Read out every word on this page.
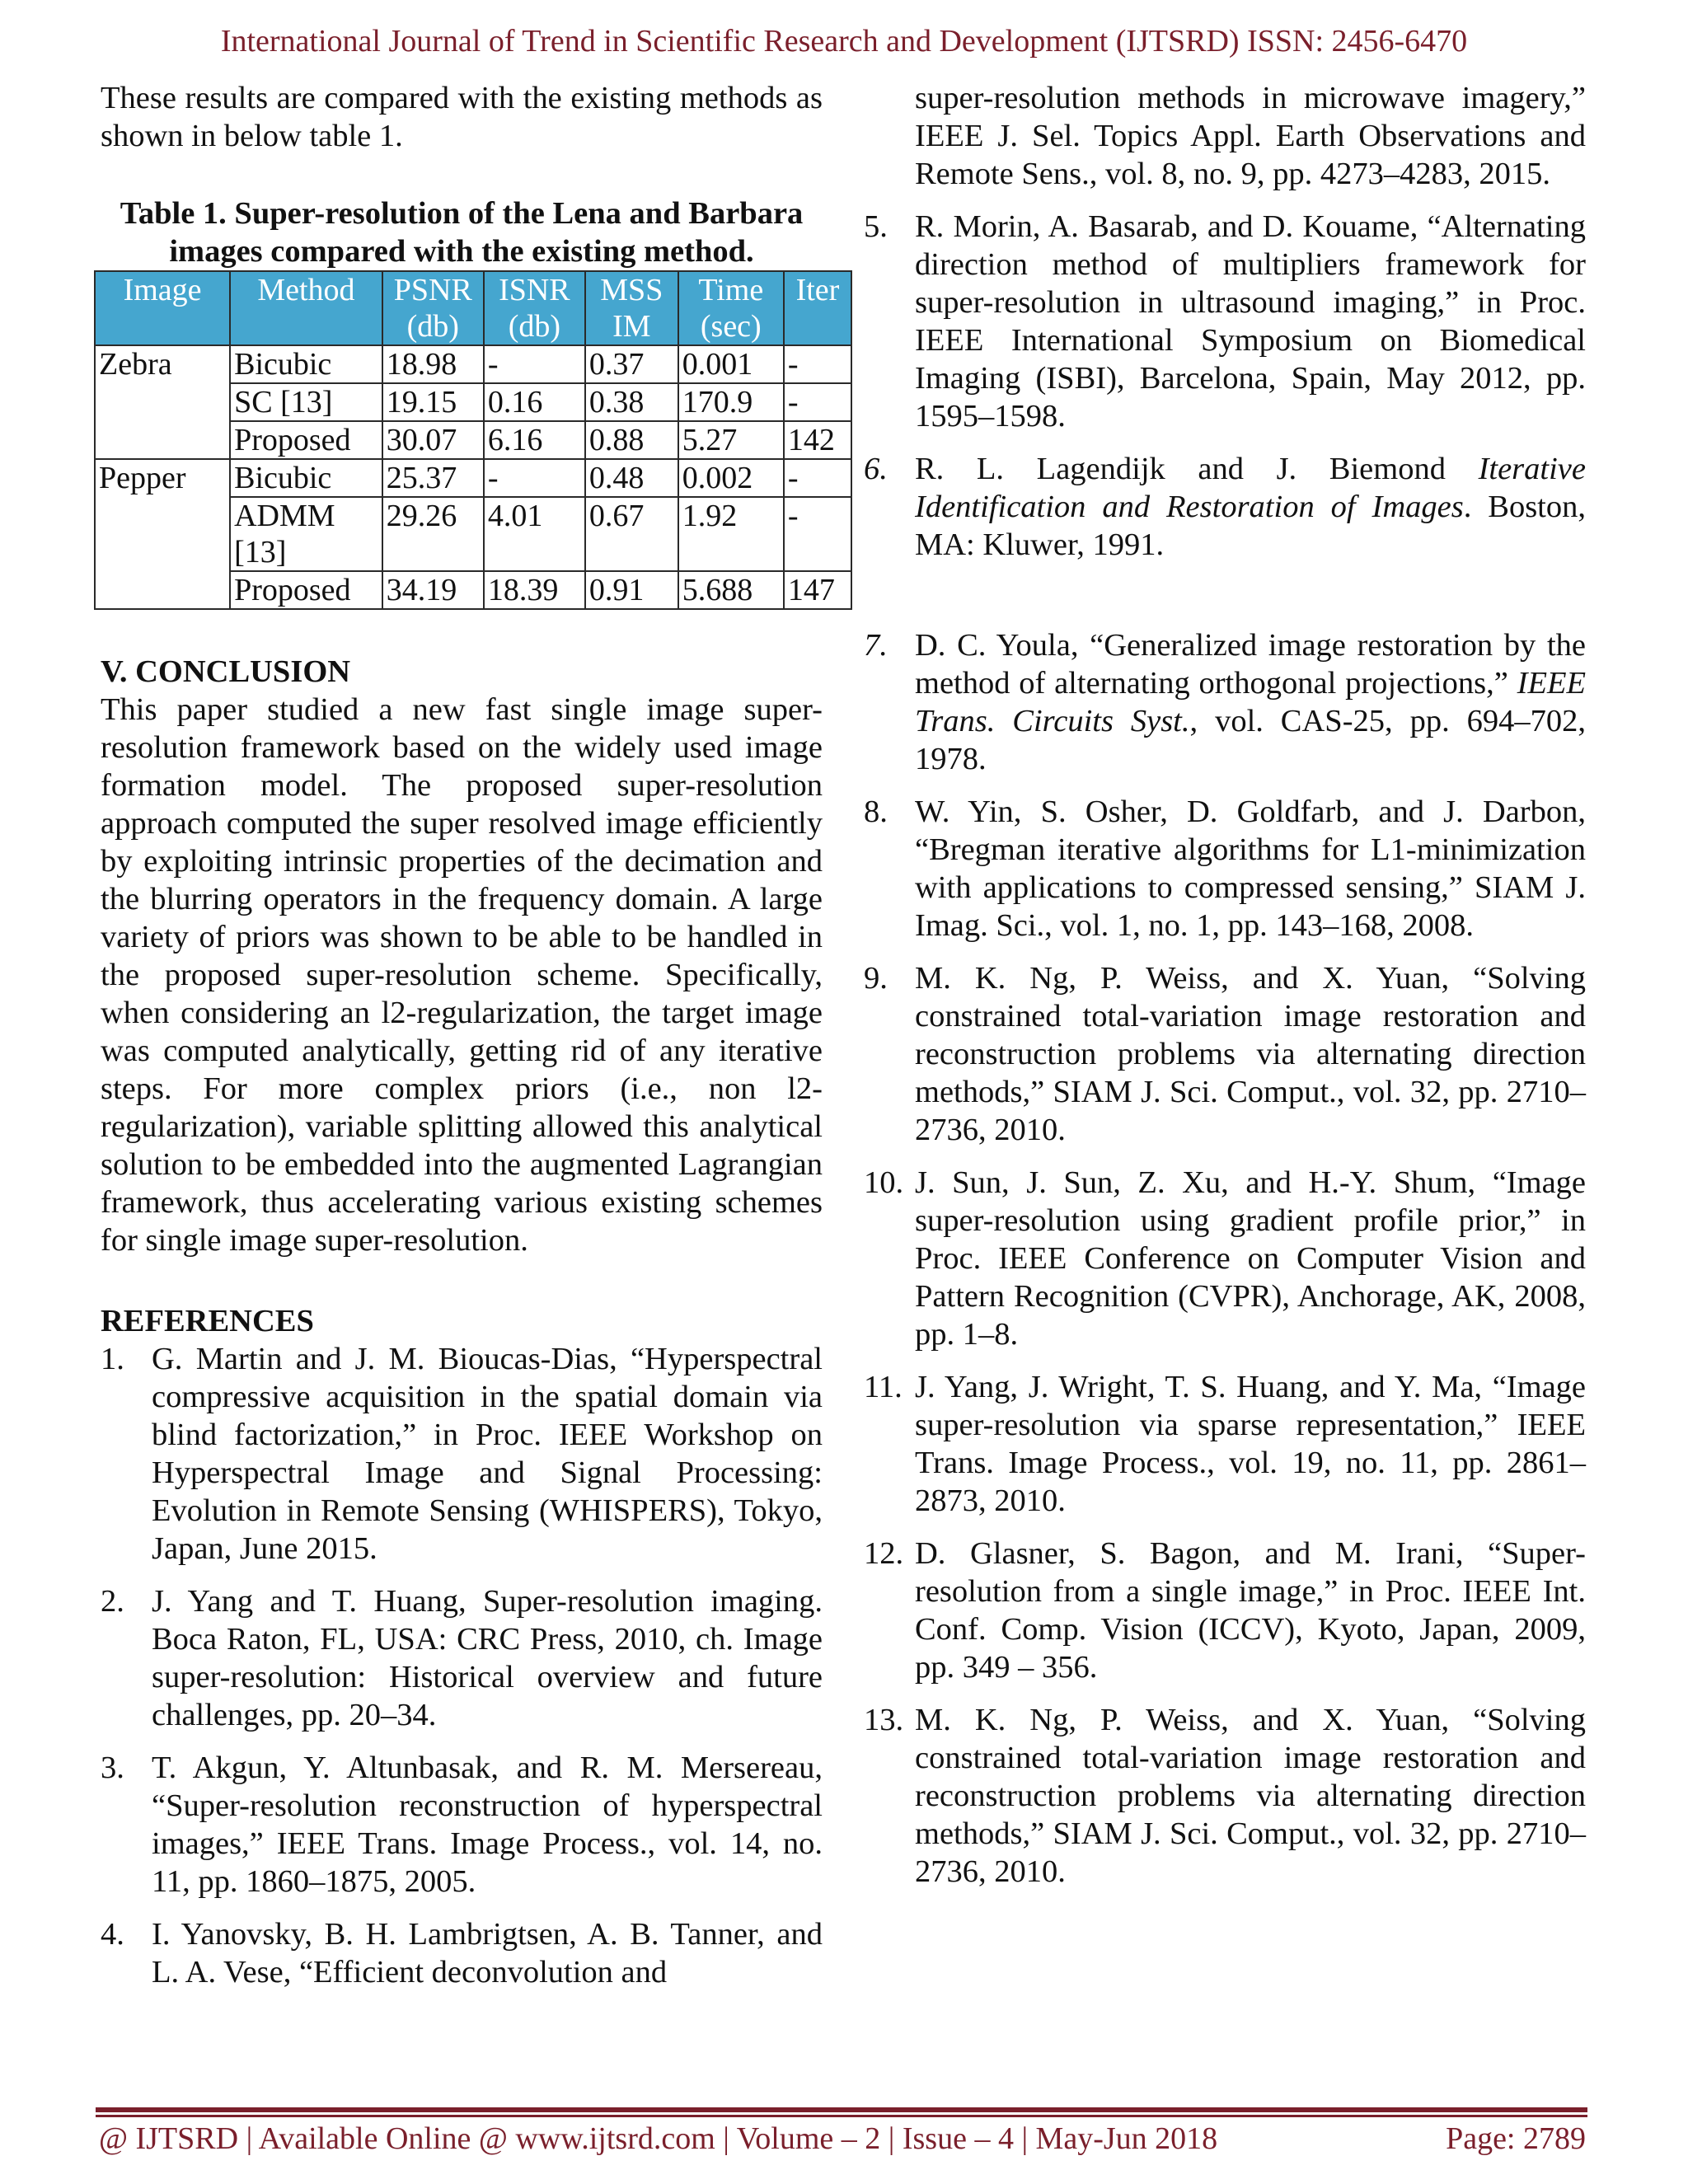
International Journal of Trend in Scientific Research and Development (IJTSRD) ISSN: 2456-6470

These results are compared with the existing methods as shown in below table 1.

Table 1. Super-resolution of the Lena and Barbara
images compared with the existing method.
Image	Method	PSNR (db)	ISNR (db)	MSS IM	Time (sec)	Iter
Zebra	Bicubic	18.98	-	0.37	0.001	-
	SC [13]	19.15	0.16	0.38	170.9	-
	Proposed	30.07	6.16	0.88	5.27	142
Pepper	Bicubic	25.37	-	0.48	0.002	-
	ADMM [13]	29.26	4.01	0.67	1.92	-
	Proposed	34.19	18.39	0.91	5.688	147
V. CONCLUSION

This paper studied a new fast single image super-resolution framework based on the widely used image formation model. The proposed super-resolution approach computed the super resolved image efficiently by exploiting intrinsic properties of the decimation and the blurring operators in the frequency domain. A large variety of priors was shown to be able to be handled in the proposed super-resolution scheme. Specifically, when considering an l2-regularization, the target image was computed analytically, getting rid of any iterative steps. For more complex priors (i.e., non l2-regularization), variable splitting allowed this analytical solution to be embedded into the augmented Lagrangian framework, thus accelerating various existing schemes for single image super-resolution.

REFERENCES
1. G. Martin and J. M. Bioucas-Dias, “Hyperspectral compressive acquisition in the spatial domain via blind factorization,” in Proc. IEEE Workshop on Hyperspectral Image and Signal Processing: Evolution in Remote Sensing (WHISPERS), Tokyo, Japan, June 2015.
2. J. Yang and T. Huang, Super-resolution imaging. Boca Raton, FL, USA: CRC Press, 2010, ch. Image super-resolution: Historical overview and future challenges, pp. 20–34.
3. T. Akgun, Y. Altunbasak, and R. M. Mersereau, “Super-resolution reconstruction of hyperspectral images,” IEEE Trans. Image Process., vol. 14, no. 11, pp. 1860–1875, 2005.
4. I. Yanovsky, B. H. Lambrigtsen, A. B. Tanner, and L. A. Vese, “Efficient deconvolution and
super-resolution methods in microwave imagery,” IEEE J. Sel. Topics Appl. Earth Observations and Remote Sens., vol. 8, no. 9, pp. 4273–4283, 2015.
5. R. Morin, A. Basarab, and D. Kouame, “Alternating direction method of multipliers framework for super-resolution in ultrasound imaging,” in Proc. IEEE International Symposium on Biomedical Imaging (ISBI), Barcelona, Spain, May 2012, pp. 1595–1598.
6. R. L. Lagendijk and J. Biemond Iterative Identification and Restoration of Images. Boston, MA: Kluwer, 1991.
7. D. C. Youla, “Generalized image restoration by the method of alternating orthogonal projections,” IEEE Trans. Circuits Syst., vol. CAS-25, pp. 694–702, 1978.
8. W. Yin, S. Osher, D. Goldfarb, and J. Darbon, “Bregman iterative algorithms for L1-minimization with applications to compressed sensing,” SIAM J. Imag. Sci., vol. 1, no. 1, pp. 143–168, 2008.
9. M. K. Ng, P. Weiss, and X. Yuan, “Solving constrained total-variation image restoration and reconstruction problems via alternating direction methods,” SIAM J. Sci. Comput., vol. 32, pp. 2710–2736, 2010.
10. J. Sun, J. Sun, Z. Xu, and H.-Y. Shum, “Image super-resolution using gradient profile prior,” in Proc. IEEE Conference on Computer Vision and Pattern Recognition (CVPR), Anchorage, AK, 2008, pp. 1–8.
11. J. Yang, J. Wright, T. S. Huang, and Y. Ma, “Image super-resolution via sparse representation,” IEEE Trans. Image Process., vol. 19, no. 11, pp. 2861–2873, 2010.
12. D. Glasner, S. Bagon, and M. Irani, “Super-resolution from a single image,” in Proc. IEEE Int. Conf. Comp. Vision (ICCV), Kyoto, Japan, 2009, pp. 349 – 356.
13. M. K. Ng, P. Weiss, and X. Yuan, “Solving constrained total-variation image restoration and reconstruction problems via alternating direction methods,” SIAM J. Sci. Comput., vol. 32, pp. 2710–2736, 2010.
@ IJTSRD | Available Online @ www.ijtsrd.com | Volume – 2 | Issue – 4 | May-Jun 2018	Page: 2789
